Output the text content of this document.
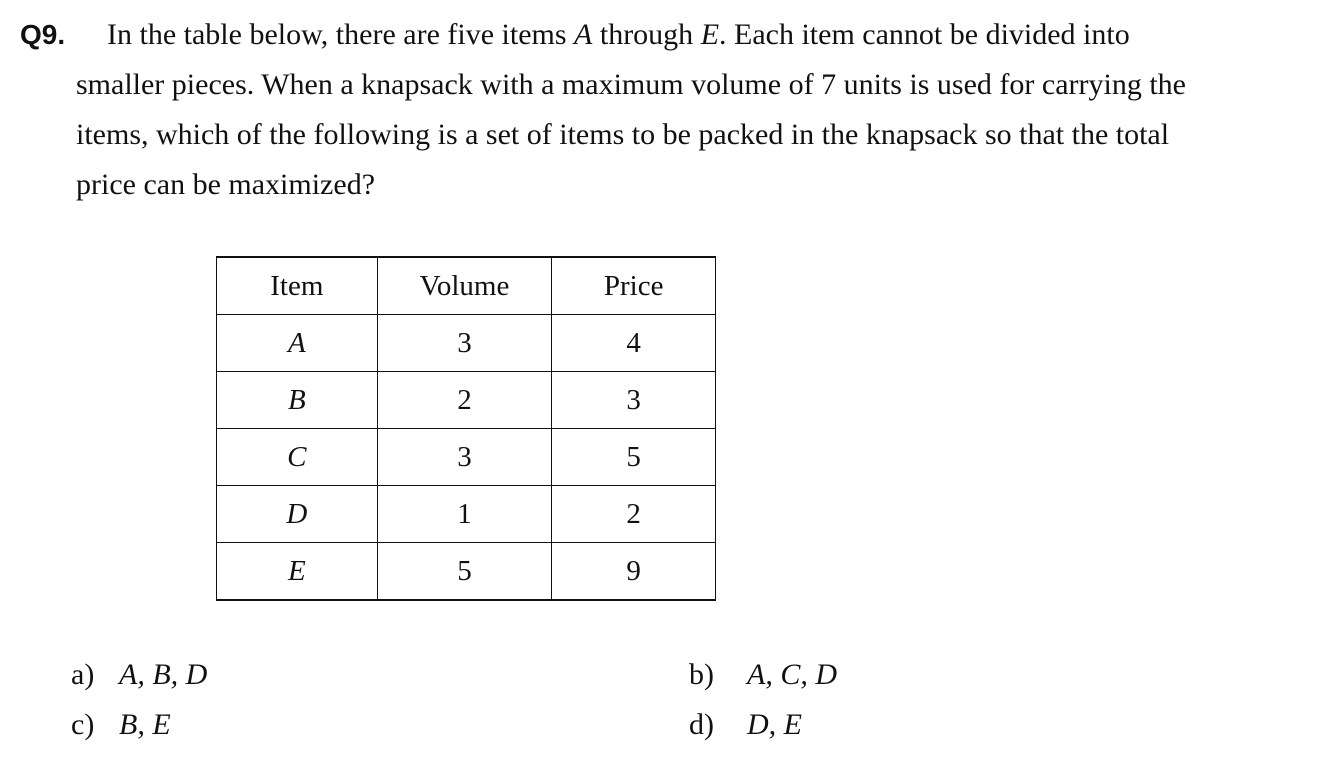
Q9. In the table below, there are five items A through E. Each item cannot be divided into
smaller pieces. When a knapsack with a maximum volume of 7 units is used for carrying the
items, which of the following is a set of items to be packed in the knapsack so that the total
price can be maximized?
Item	Volume	Price
A	3	4
B	2	3
C	3	5
D	1	2
E	5	9
a) A, B, D	b) A, C, D
c) B, E	d) D, E
